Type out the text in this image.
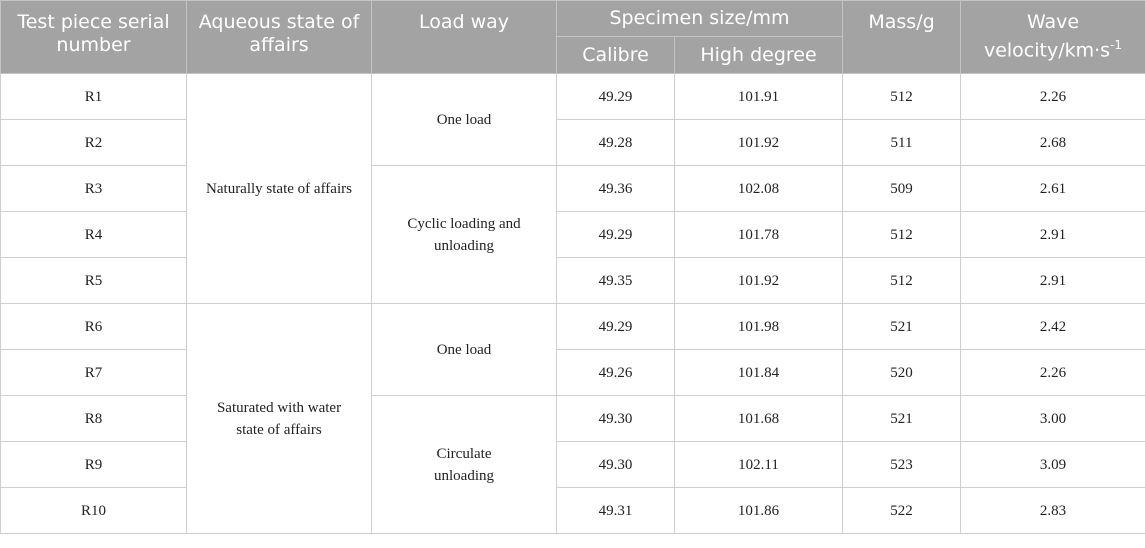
Test piece serial number	Aqueous state of affairs	Load way	Specimen size/mm		Mass/g	Wave velocity/$km\cdot s^{-1}$
			Calibre	High degree		
R1	Naturally state of affairs	One load	49.29	101.91	512	2.26
R2			49.28	101.92	511	2.68
R3		Cyclic loading and unloading	49.36	102.08	509	2.61
R4			49.29	101.78	512	2.91
R5			49.35	101.92	512	2.91
R6	Saturated with water state of affairs	One load	49.29	101.98	521	2.42
R7			49.26	101.84	520	2.26
R8		Circulate unloading	49.30	101.68	521	3.00
R9			49.30	102.11	523	3.09
R10			49.31	101.86	522	2.83
